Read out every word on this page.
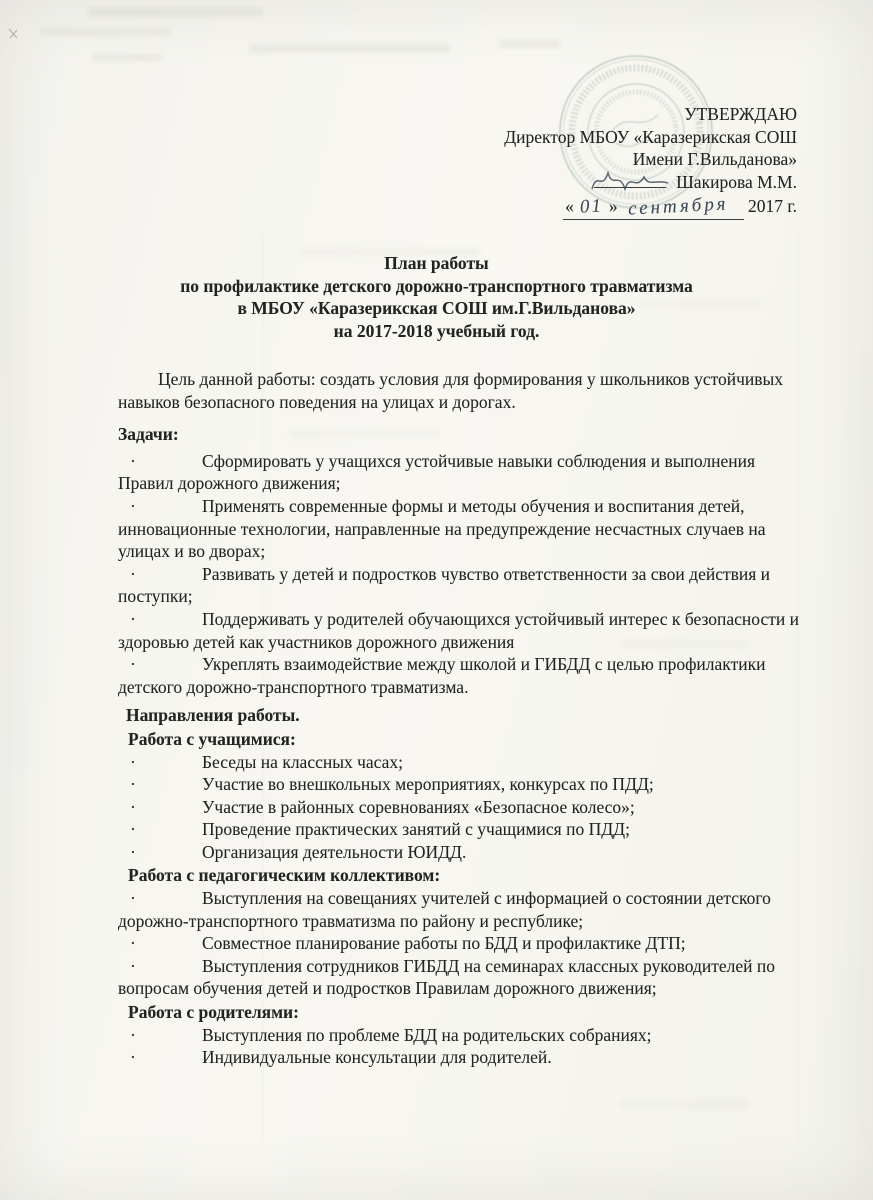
УТВЕРЖДАЮ
Директор МБОУ «Каразерикская СОШ
Имени Г.Вильданова»
Шакирова М.М.
« 01 » сентября 2017 г.
План работы
по профилактике детского дорожно-транспортного травматизма
в МБОУ «Каразерикская СОШ им.Г.Вильданова»
на 2017-2018 учебный год.

Цель данной работы: создать условия для формирования у школьников устойчивых навыков безопасного поведения на улицах и дорогах.

Задачи:

·	Сформировать у учащихся устойчивые навыки соблюдения и выполнения Правил дорожного движения;

·	Применять современные формы и методы обучения и воспитания детей, инновационные технологии, направленные на предупреждение несчастных случаев на улицах и во дворах;

·	Развивать у детей и подростков чувство ответственности за свои действия и поступки;

·	Поддерживать у родителей обучающихся устойчивый интерес к безопасности и здоровью детей как участников дорожного движения

·	Укреплять взаимодействие между школой и ГИБДД с целью профилактики детского дорожно-транспортного травматизма.

Направления работы.

Работа с учащимися:

·	Беседы на классных часах;

·	Участие во внешкольных мероприятиях, конкурсах по ПДД;

·	Участие в районных соревнованиях «Безопасное колесо»;

·	Проведение практических занятий с учащимися по ПДД;

·	Организация деятельности ЮИДД.

Работа с педагогическим коллективом:

·	Выступления на совещаниях учителей с информацией о состоянии детского дорожно-транспортного травматизма по району и республике;

·	Совместное планирование работы по БДД и профилактике ДТП;

·	Выступления сотрудников ГИБДД на семинарах классных руководителей по вопросам обучения детей и подростков Правилам дорожного движения;

Работа с родителями:

·	Выступления по проблеме БДД на родительских собраниях;

·	Индивидуальные консультации для родителей.
